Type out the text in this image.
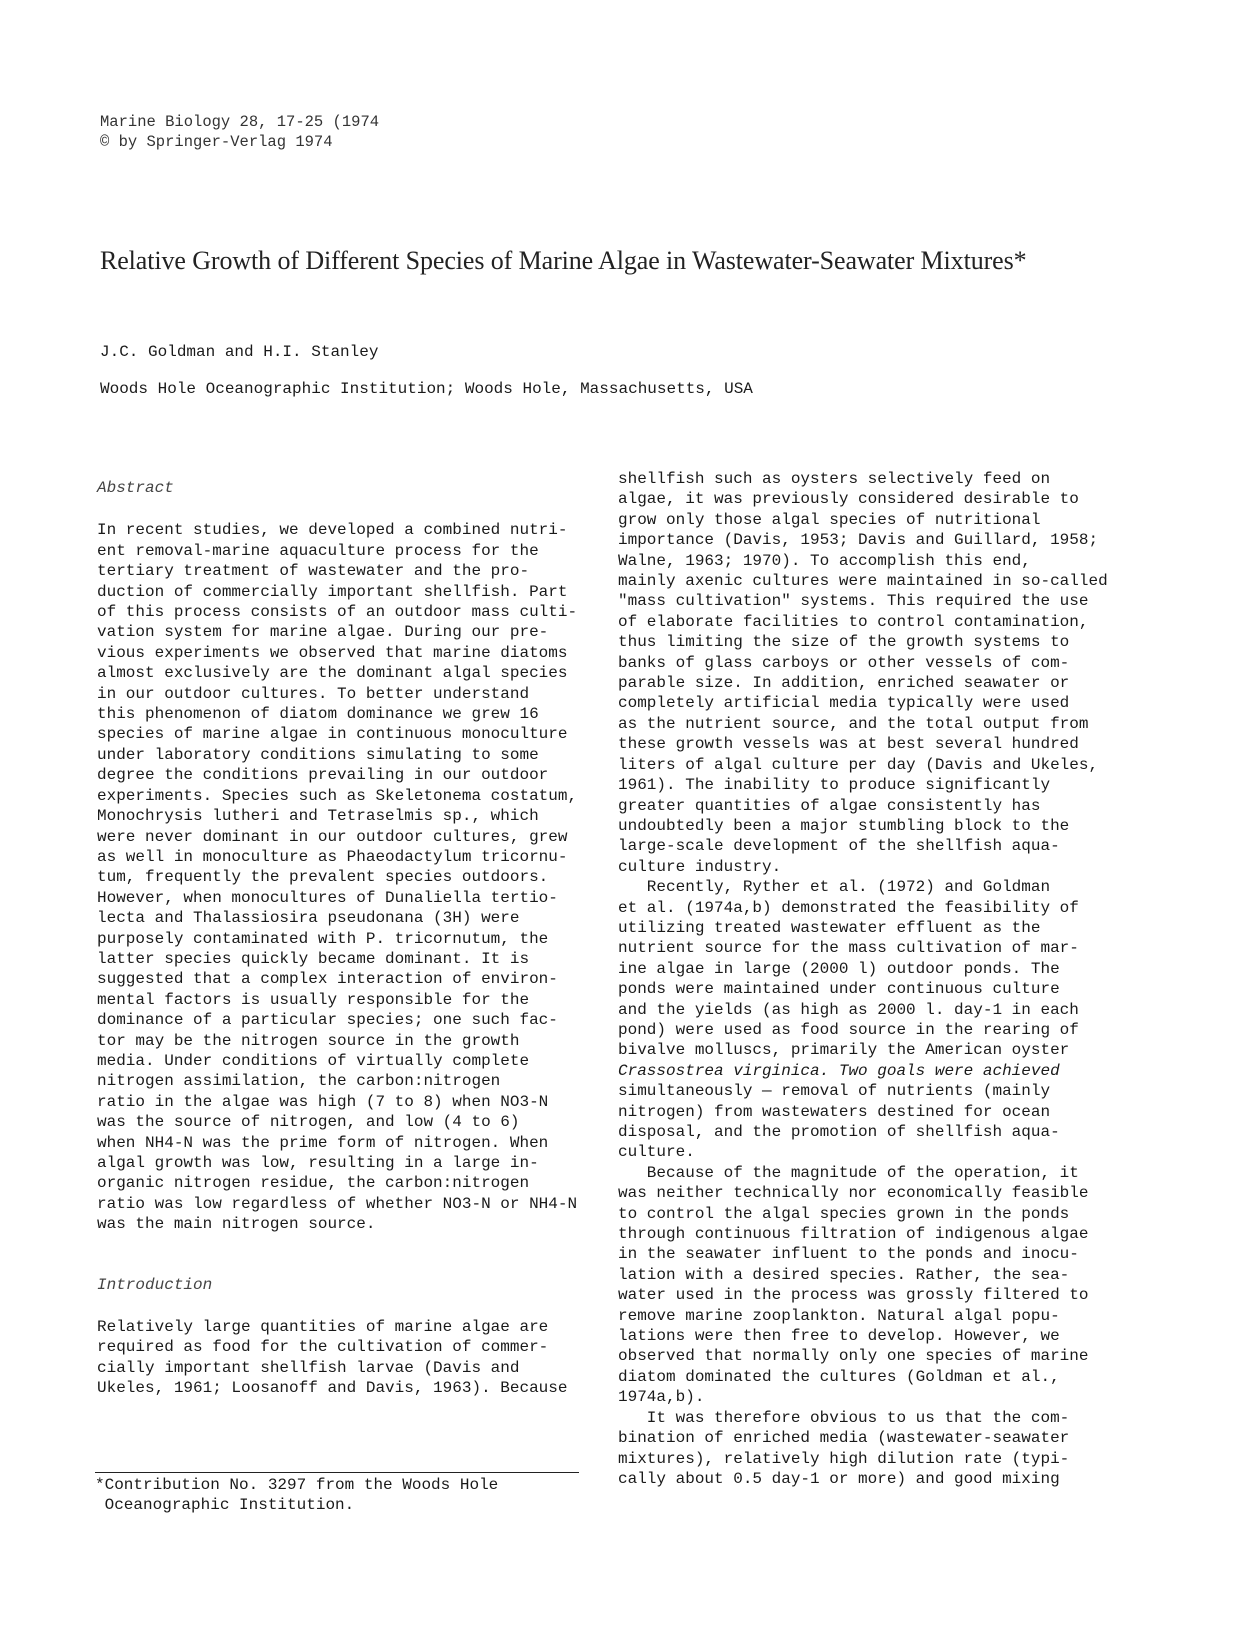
Marine Biology 28, 17-25 (1974
© by Springer-Verlag 1974
Relative Growth of Different Species of Marine Algae in Wastewater-Seawater Mixtures*
J.C. Goldman and H.I. Stanley
Woods Hole Oceanographic Institution; Woods Hole, Massachusetts, USA
Abstract
In recent studies, we developed a combined nutri-
ent removal-marine aquaculture process for the
tertiary treatment of wastewater and the pro-
duction of commercially important shellfish. Part
of this process consists of an outdoor mass culti-
vation system for marine algae. During our pre-
vious experiments we observed that marine diatoms
almost exclusively are the dominant algal species
in our outdoor cultures. To better understand
this phenomenon of diatom dominance we grew 16
species of marine algae in continuous monoculture
under laboratory conditions simulating to some
degree the conditions prevailing in our outdoor
experiments. Species such as Skeletonema costatum,
Monochrysis lutheri and Tetraselmis sp., which
were never dominant in our outdoor cultures, grew
as well in monoculture as Phaeodactylum tricornu-
tum, frequently the prevalent species outdoors.
However, when monocultures of Dunaliella tertio-
lecta and Thalassiosira pseudonana (3H) were
purposely contaminated with P. tricornutum, the
latter species quickly became dominant. It is
suggested that a complex interaction of environ-
mental factors is usually responsible for the
dominance of a particular species; one such fac-
tor may be the nitrogen source in the growth
media. Under conditions of virtually complete
nitrogen assimilation, the carbon:nitrogen
ratio in the algae was high (7 to 8) when NO3-N
was the source of nitrogen, and low (4 to 6)
when NH4-N was the prime form of nitrogen. When
algal growth was low, resulting in a large in-
organic nitrogen residue, the carbon:nitrogen
ratio was low regardless of whether NO3-N or NH4-N
was the main nitrogen source.
Introduction
Relatively large quantities of marine algae are
required as food for the cultivation of commer-
cially important shellfish larvae (Davis and
Ukeles, 1961; Loosanoff and Davis, 1963). Because
shellfish such as oysters selectively feed on
algae, it was previously considered desirable to
grow only those algal species of nutritional
importance (Davis, 1953; Davis and Guillard, 1958;
Walne, 1963; 1970). To accomplish this end,
mainly axenic cultures were maintained in so-called
"mass cultivation" systems. This required the use
of elaborate facilities to control contamination,
thus limiting the size of the growth systems to
banks of glass carboys or other vessels of com-
parable size. In addition, enriched seawater or
completely artificial media typically were used
as the nutrient source, and the total output from
these growth vessels was at best several hundred
liters of algal culture per day (Davis and Ukeles,
1961). The inability to produce significantly
greater quantities of algae consistently has
undoubtedly been a major stumbling block to the
large-scale development of the shellfish aqua-
culture industry.
Recently, Ryther et al. (1972) and Goldman
et al. (1974a,b) demonstrated the feasibility of
utilizing treated wastewater effluent as the
nutrient source for the mass cultivation of mar-
ine algae in large (2000 l) outdoor ponds. The
ponds were maintained under continuous culture
and the yields (as high as 2000 l. day-1 in each
pond) were used as food source in the rearing of
bivalve molluscs, primarily the American oyster
Crassostrea virginica. Two goals were achieved
simultaneously — removal of nutrients (mainly
nitrogen) from wastewaters destined for ocean
disposal, and the promotion of shellfish aqua-
culture.
Because of the magnitude of the operation, it
was neither technically nor economically feasible
to control the algal species grown in the ponds
through continuous filtration of indigenous algae
in the seawater influent to the ponds and inocu-
lation with a desired species. Rather, the sea-
water used in the process was grossly filtered to
remove marine zooplankton. Natural algal popu-
lations were then free to develop. However, we
observed that normally only one species of marine
diatom dominated the cultures (Goldman et al.,
1974a,b).
It was therefore obvious to us that the com-
bination of enriched media (wastewater-seawater
mixtures), relatively high dilution rate (typi-
cally about 0.5 day-1 or more) and good mixing
*Contribution No. 3297 from the Woods Hole
Oceanographic Institution.
